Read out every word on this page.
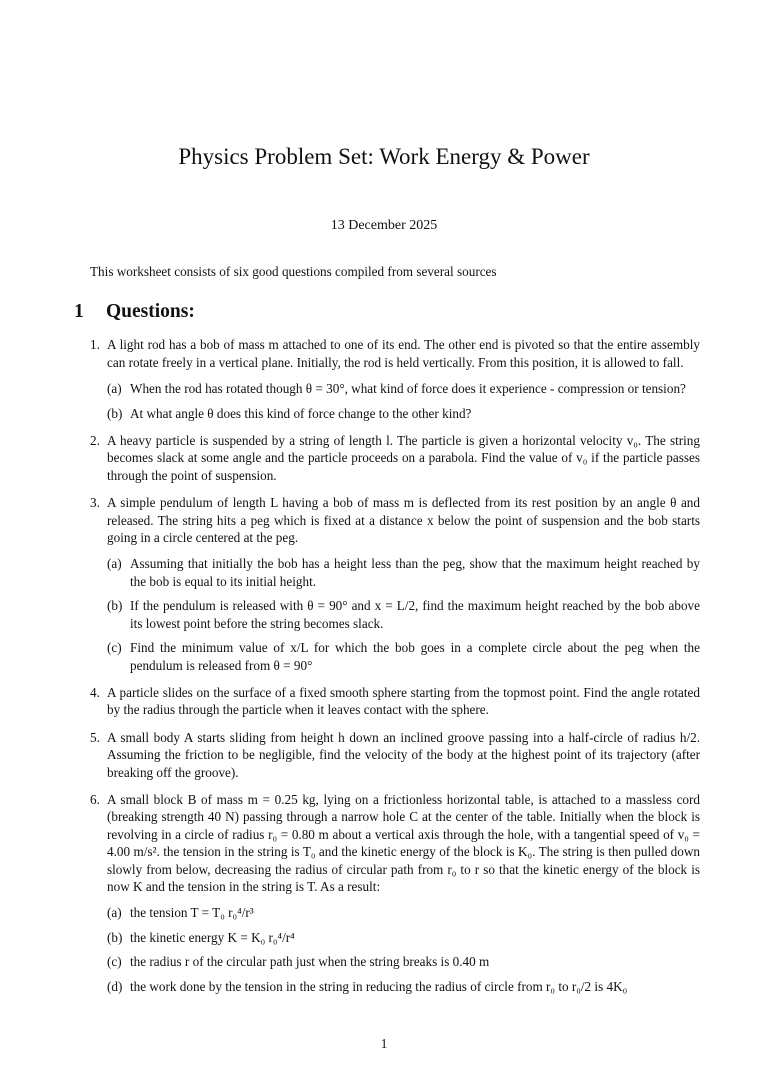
Physics Problem Set: Work Energy & Power
13 December 2025
This worksheet consists of six good questions compiled from several sources
1 Questions:
1. A light rod has a bob of mass m attached to one of its end. The other end is pivoted so that the entire assembly can rotate freely in a vertical plane. Initially, the rod is held vertically. From this position, it is allowed to fall.
(a) When the rod has rotated though θ = 30°, what kind of force does it experience - compression or tension?
(b) At what angle θ does this kind of force change to the other kind?
2. A heavy particle is suspended by a string of length l. The particle is given a horizontal velocity v₀. The string becomes slack at some angle and the particle proceeds on a parabola. Find the value of v₀ if the particle passes through the point of suspension.
3. A simple pendulum of length L having a bob of mass m is deflected from its rest position by an angle θ and released. The string hits a peg which is fixed at a distance x below the point of suspension and the bob starts going in a circle centered at the peg.
(a) Assuming that initially the bob has a height less than the peg, show that the maximum height reached by the bob is equal to its initial height.
(b) If the pendulum is released with θ = 90° and x = L/2, find the maximum height reached by the bob above its lowest point before the string becomes slack.
(c) Find the minimum value of x/L for which the bob goes in a complete circle about the peg when the pendulum is released from θ = 90°
4. A particle slides on the surface of a fixed smooth sphere starting from the topmost point. Find the angle rotated by the radius through the particle when it leaves contact with the sphere.
5. A small body A starts sliding from height h down an inclined groove passing into a half-circle of radius h/2. Assuming the friction to be negligible, find the velocity of the body at the highest point of its trajectory (after breaking off the groove).
6. A small block B of mass m = 0.25 kg, lying on a frictionless horizontal table, is attached to a massless cord (breaking strength 40 N) passing through a narrow hole C at the center of the table. Initially when the block is revolving in a circle of radius r₀ = 0.80 m about a vertical axis through the hole, with a tangential speed of v₀ = 4.00 m/s². the tension in the string is T₀ and the kinetic energy of the block is K₀. The string is then pulled down slowly from below, decreasing the radius of circular path from r₀ to r so that the kinetic energy of the block is now K and the tension in the string is T. As a result:
(a) the tension T = T₀ r₀⁴/r³
(b) the kinetic energy K = K₀ r₀⁴/r⁴
(c) the radius r of the circular path just when the string breaks is 0.40 m
(d) the work done by the tension in the string in reducing the radius of circle from r₀ to r₀/2 is 4K₀
1
